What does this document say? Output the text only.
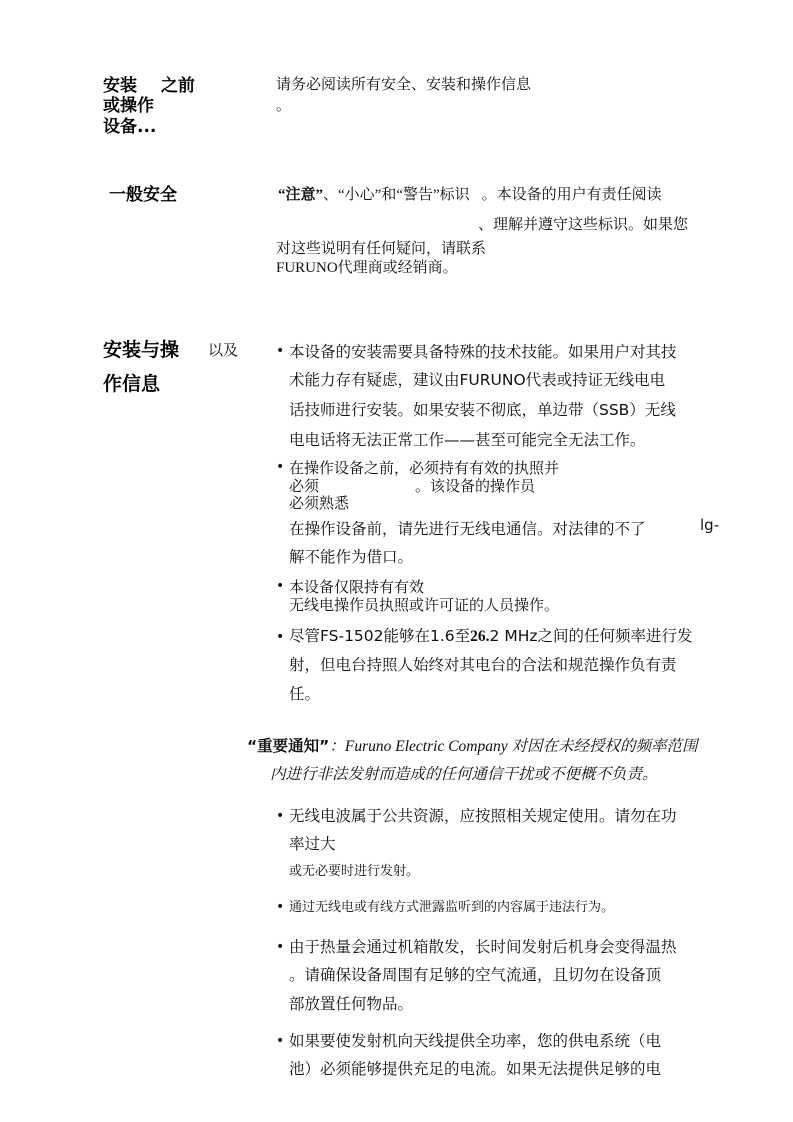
安装 之前
或操作
设备...
请务必阅读所有安全、安装和操作信息
。
一般安全	“注意”、“小心”和“警告”标识 。本设备的用户有责任阅读
、理解并遵守这些标识。如果您
对这些说明有任何疑问，请联系
FURUNO代理商或经销商。
安装与操 以及
作信息
• 本设备的安装需要具备特殊的技术技能。如果用户对其技
术能力存有疑虑，建议由FURUNO代表或持证无线电电
话技师进行安装。如果安装不彻底，单边带（SSB）无线
电电话将无法正常工作——甚至可能完全无法工作。
• 在操作设备之前，必须持有有效的执照并
必须	。该设备的操作员
必须熟悉
在操作设备前，请先进行无线电通信。对法律的不了	lg-
解不能作为借口。
• 本设备仅限持有有效
无线电操作员执照或许可证的人员操作。
• 尽管FS-1502能够在1.6至26.2 MHz之间的任何频率进行发
射，但电台持照人始终对其电台的合法和规范操作负有责
任。
“重要通知”：Furuno Electric Company 对因在未经授权的频率范围
内进行非法发射而造成的任何通信干扰或不便概不负责。
• 无线电波属于公共资源，应按照相关规定使用。请勿在功
率过大
或无必要时进行发射。
• 通过无线电或有线方式泄露监听到的内容属于违法行为。
• 由于热量会通过机箱散发，长时间发射后机身会变得温热
。请确保设备周围有足够的空气流通，且切勿在设备顶
部放置任何物品。
• 如果要使发射机向天线提供全功率，您的供电系统（电
池）必须能够提供充足的电流。如果无法提供足够的电
